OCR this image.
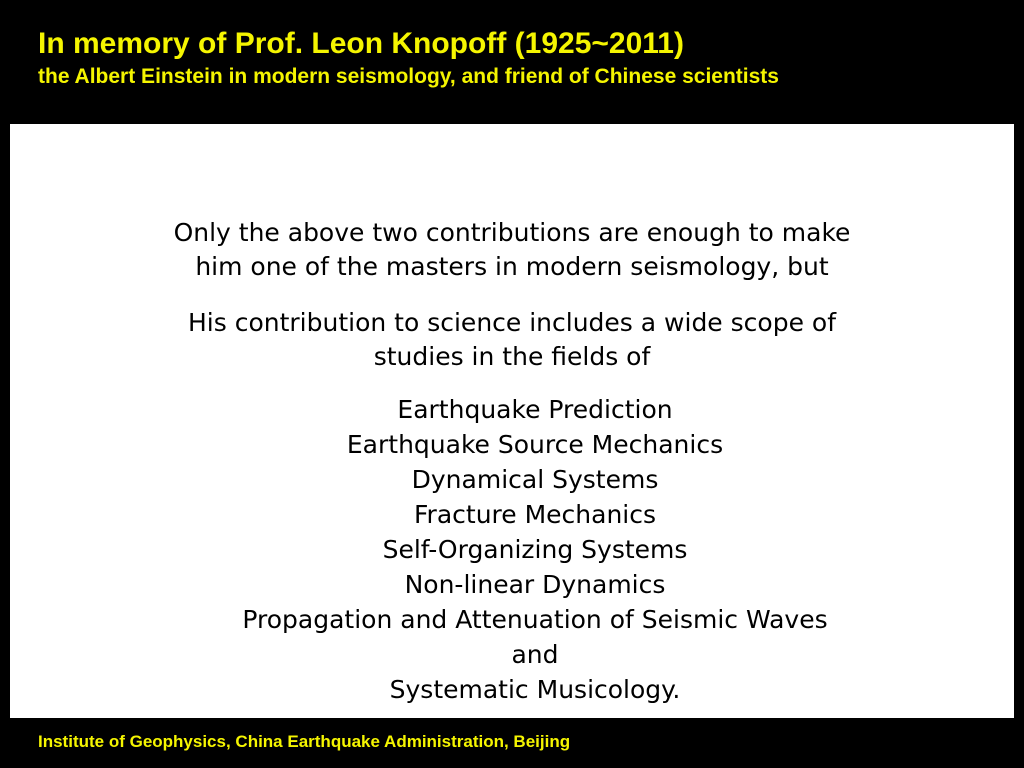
In memory of Prof. Leon Knopoff (1925~2011)
the Albert Einstein in modern seismology, and friend of Chinese scientists

Only the above two contributions are enough to make

him one of the masters in modern seismology, but

His contribution to science includes a wide scope of

studies in the fields of

Earthquake Prediction
Earthquake Source Mechanics
Dynamical Systems
Fracture Mechanics
Self-Organizing Systems
Non-linear Dynamics
Propagation and Attenuation of Seismic Waves
and
Systematic Musicology.
Institute of Geophysics, China Earthquake Administration, Beijing
